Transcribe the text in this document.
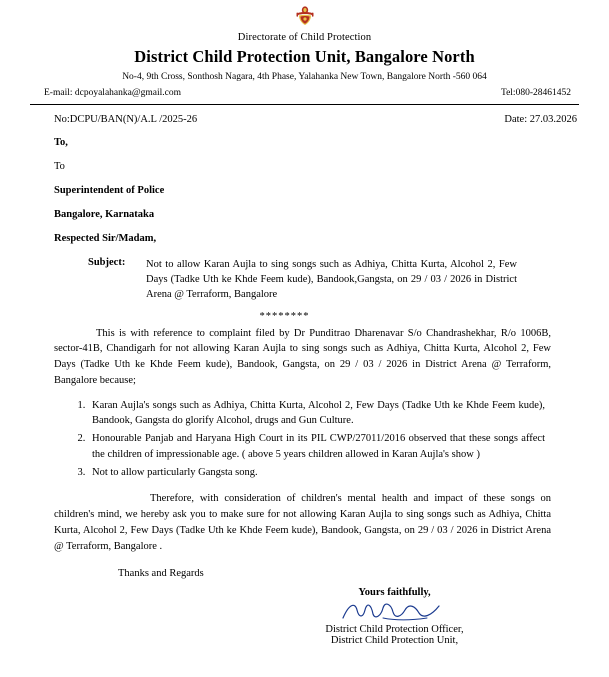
Directorate of Child Protection
District Child Protection Unit, Bangalore North
No-4, 9th Cross, Sonthosh Nagara, 4th Phase, Yalahanka New Town, Bangalore North -560 064
E-mail: dcpoyalahanka@gmail.com	Tel:080-28461452
No:DCPU/BAN(N)/A.L /2025-26	Date: 27.03.2026
To,
To
Superintendent of Police
Bangalore, Karnataka
Respected Sir/Madam,
Subject:	Not to allow Karan Aujla to sing songs such as Adhiya, Chitta Kurta, Alcohol 2, Few Days (Tadke Uth ke Khde Feem kude), Bandook,Gangsta, on 29 / 03 / 2026 in District Arena @ Terraform, Bangalore
********
This is with reference to complaint filed by Dr Punditrao Dharenavar S/o Chandrashekhar, R/o 1006B, sector-41B, Chandigarh for not allowing Karan Aujla to sing songs such as Adhiya, Chitta Kurta, Alcohol 2, Few Days (Tadke Uth ke Khde Feem kude), Bandook, Gangsta, on 29 / 03 / 2026 in District Arena @ Terraform, Bangalore because;
1. Karan Aujla's songs such as Adhiya, Chitta Kurta, Alcohol 2, Few Days (Tadke Uth ke Khde Feem kude), Bandook, Gangsta do glorify Alcohol, drugs and Gun Culture.
2. Honourable Panjab and Haryana High Court in its PIL CWP/27011/2016 observed that these songs affect the children of impressionable age. ( above 5 years children allowed in Karan Aujla's show )
3. Not to allow particularly Gangsta song.
Therefore, with consideration of children's mental health and impact of these songs on children's mind, we hereby ask you to make sure for not allowing Karan Aujla to sing songs such as Adhiya, Chitta Kurta, Alcohol 2, Few Days (Tadke Uth ke Khde Feem kude), Bandook, Gangsta, on 29 / 03 / 2026 in District Arena @ Terraform, Bangalore .
Thanks and Regards
Yours faithfully,
District Child Protection Officer,
District Child Protection Unit,
